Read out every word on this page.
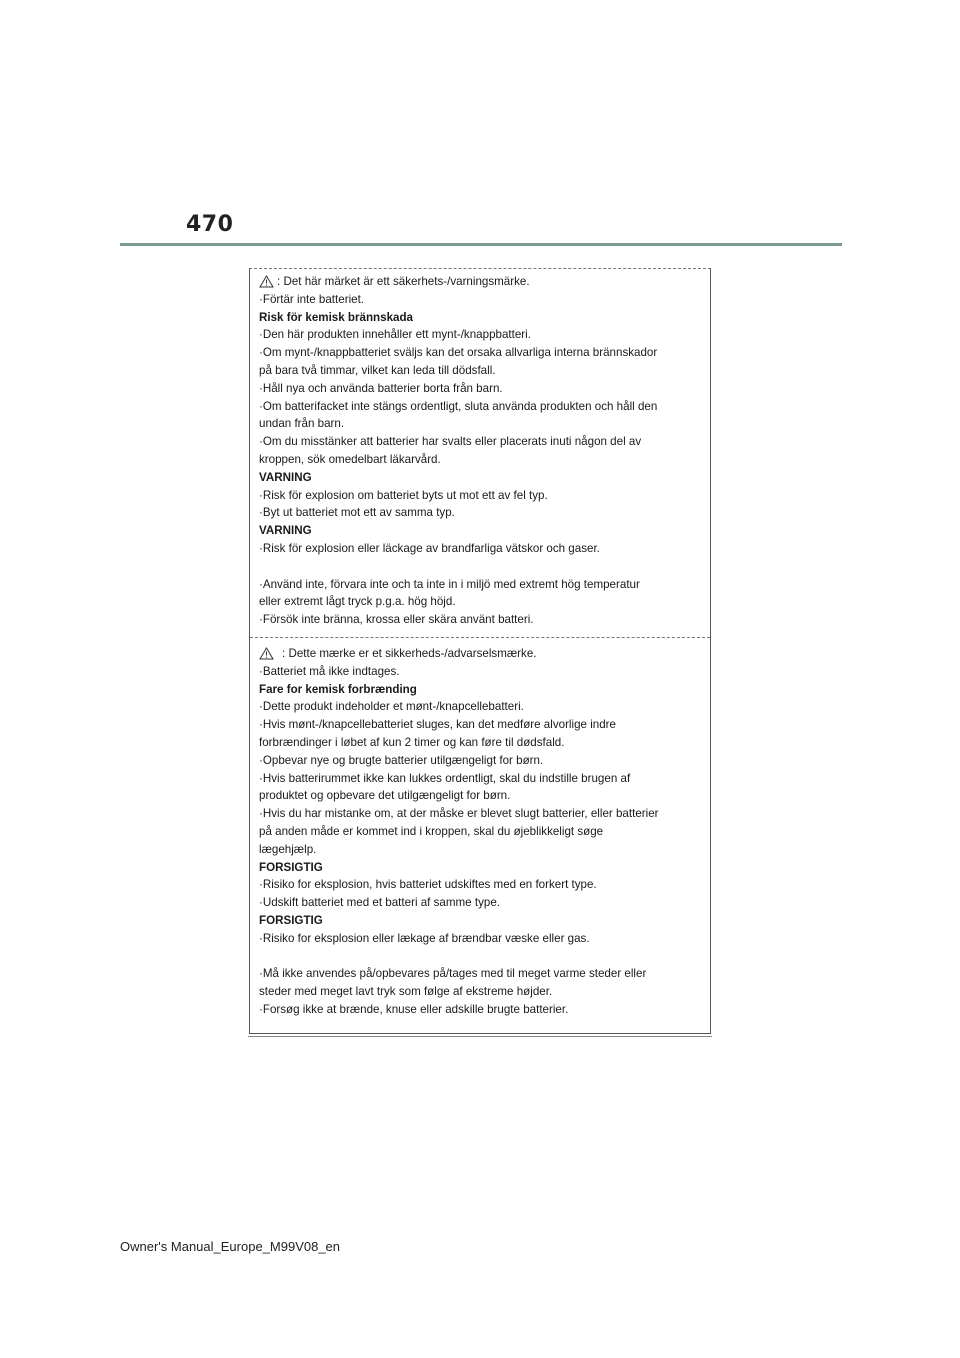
470
: Det här märket är ett säkerhets-/varningsmärke.
·Förtär inte batteriet.
Risk för kemisk brännskada
·Den här produkten innehåller ett mynt-/knappbatteri.
·Om mynt-/knappbatteriet sväljs kan det orsaka allvarliga interna brännskador
på bara två timmar, vilket kan leda till dödsfall.
·Håll nya och använda batterier borta från barn.
·Om batterifacket inte stängs ordentligt, sluta använda produkten och håll den
undan från barn.
·Om du misstänker att batterier har svalts eller placerats inuti någon del av
kroppen, sök omedelbart läkarvård.
VARNING
·Risk för explosion om batteriet byts ut mot ett av fel typ.
·Byt ut batteriet mot ett av samma typ.
VARNING
·Risk för explosion eller läckage av brandfarliga vätskor och gaser.
·Använd inte, förvara inte och ta inte in i miljö med extremt hög temperatur
eller extremt lågt tryck p.g.a. hög höjd.
·Försök inte bränna, krossa eller skära använt batteri.
: Dette mærke er et sikkerheds-/advarselsmærke.
·Batteriet må ikke indtages.
Fare for kemisk forbrænding
·Dette produkt indeholder et mønt-/knapcellebatteri.
·Hvis mønt-/knapcellebatteriet sluges, kan det medføre alvorlige indre
forbrændinger i løbet af kun 2 timer og kan føre til dødsfald.
·Opbevar nye og brugte batterier utilgængeligt for børn.
·Hvis batterirummet ikke kan lukkes ordentligt, skal du indstille brugen af
produktet og opbevare det utilgængeligt for børn.
·Hvis du har mistanke om, at der måske er blevet slugt batterier, eller batterier
på anden måde er kommet ind i kroppen, skal du øjeblikkeligt søge
lægehjælp.
FORSIGTIG
·Risiko for eksplosion, hvis batteriet udskiftes med en forkert type.
·Udskift batteriet med et batteri af samme type.
FORSIGTIG
·Risiko for eksplosion eller lækage af brændbar væske eller gas.
·Må ikke anvendes på/opbevares på/tages med til meget varme steder eller
steder med meget lavt tryk som følge af ekstreme højder.
·Forsøg ikke at brænde, knuse eller adskille brugte batterier.
Owner's Manual_Europe_M99V08_en
